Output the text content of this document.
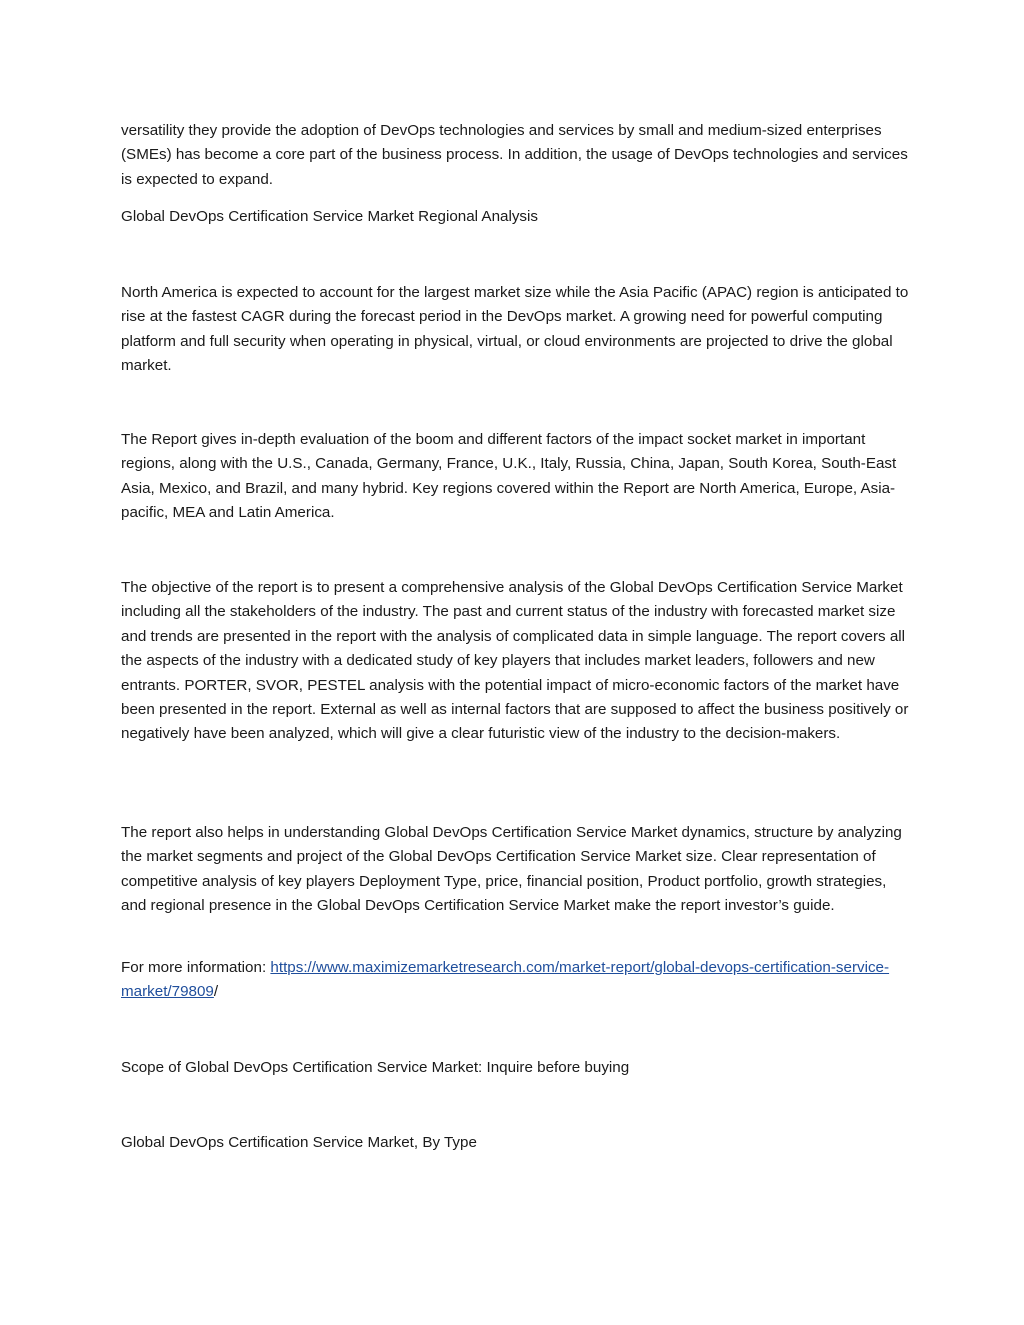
versatility they provide the adoption of DevOps technologies and services by small and medium-sized enterprises (SMEs) has become a core part of the business process. In addition, the usage of DevOps technologies and services is expected to expand.

Global DevOps Certification Service Market Regional Analysis

North America is expected to account for the largest market size while the Asia Pacific (APAC) region is anticipated to rise at the fastest CAGR during the forecast period in the DevOps market. A growing need for powerful computing platform and full security when operating in physical, virtual, or cloud environments are projected to drive the global market.

The Report gives in-depth evaluation of the boom and different factors of the impact socket market in important regions, along with the U.S., Canada, Germany, France, U.K., Italy, Russia, China, Japan, South Korea, South-East Asia, Mexico, and Brazil, and many hybrid. Key regions covered within the Report are North America, Europe, Asia-pacific, MEA and Latin America.

The objective of the report is to present a comprehensive analysis of the Global DevOps Certification Service Market including all the stakeholders of the industry. The past and current status of the industry with forecasted market size and trends are presented in the report with the analysis of complicated data in simple language. The report covers all the aspects of the industry with a dedicated study of key players that includes market leaders, followers and new entrants. PORTER, SVOR, PESTEL analysis with the potential impact of micro-economic factors of the market have been presented in the report. External as well as internal factors that are supposed to affect the business positively or negatively have been analyzed, which will give a clear futuristic view of the industry to the decision-makers.

The report also helps in understanding Global DevOps Certification Service Market dynamics, structure by analyzing the market segments and project of the Global DevOps Certification Service Market size. Clear representation of competitive analysis of key players Deployment Type, price, financial position, Product portfolio, growth strategies, and regional presence in the Global DevOps Certification Service Market make the report investor’s guide.

For more information: https://www.maximizemarketresearch.com/market-report/global-devops-certification-service-market/79809/

Scope of Global DevOps Certification Service Market: Inquire before buying

Global DevOps Certification Service Market, By Type
